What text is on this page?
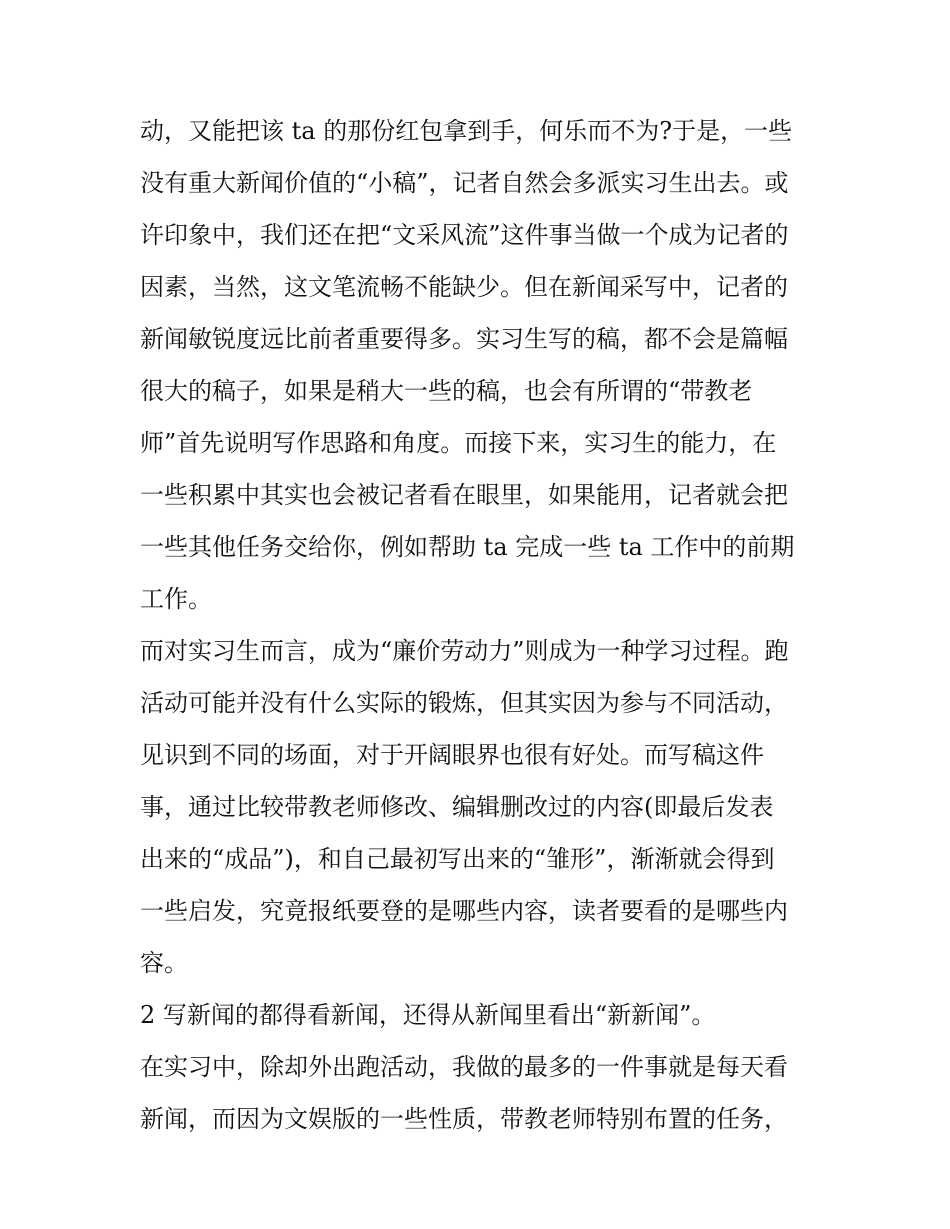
动，又能把该 ta 的那份红包拿到手，何乐而不为?于是，一些
没有重大新闻价值的“小稿”，记者自然会多派实习生出去。或
许印象中，我们还在把“文采风流”这件事当做一个成为记者的
因素，当然，这文笔流畅不能缺少。但在新闻采写中，记者的
新闻敏锐度远比前者重要得多。实习生写的稿，都不会是篇幅
很大的稿子，如果是稍大一些的稿，也会有所谓的“带教老
师”首先说明写作思路和角度。而接下来，实习生的能力，在
一些积累中其实也会被记者看在眼里，如果能用，记者就会把
一些其他任务交给你，例如帮助 ta 完成一些 ta 工作中的前期
工作。
而对实习生而言，成为“廉价劳动力”则成为一种学习过程。跑
活动可能并没有什么实际的锻炼，但其实因为参与不同活动，
见识到不同的场面，对于开阔眼界也很有好处。而写稿这件
事，通过比较带教老师修改、编辑删改过的内容(即最后发表
出来的“成品”)，和自己最初写出来的“雏形”，渐渐就会得到
一些启发，究竟报纸要登的是哪些内容，读者要看的是哪些内
容。
2 写新闻的都得看新闻，还得从新闻里看出“新新闻”。
在实习中，除却外出跑活动，我做的最多的一件事就是每天看
新闻，而因为文娱版的一些性质，带教老师特别布置的任务，
